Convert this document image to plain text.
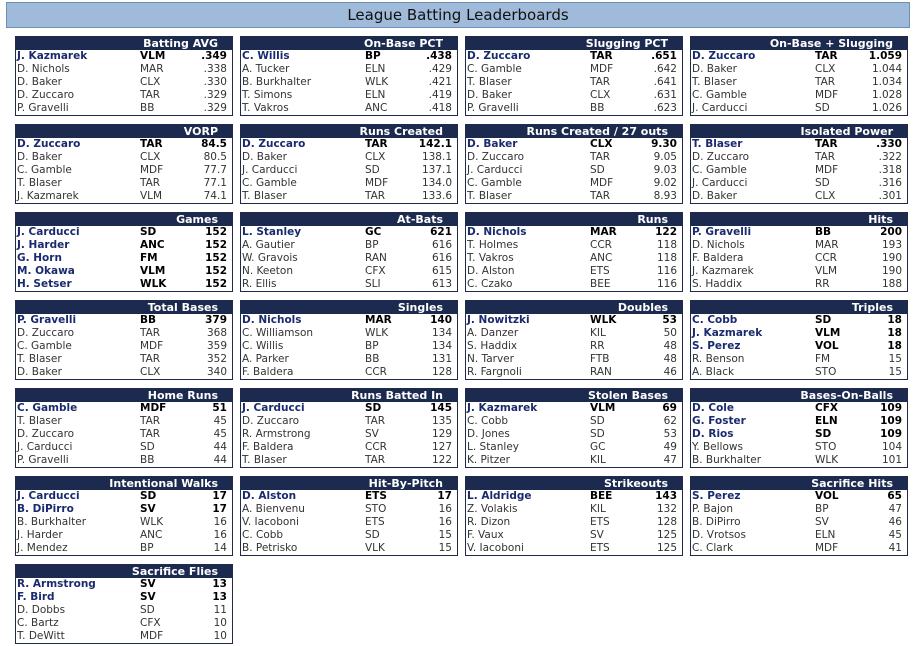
League Batting Leaderboards
Batting AVG
J. Kazmarek	VLM	.349
D. Nichols	MAR	.338
D. Baker	CLX	.330
D. Zuccaro	TAR	.329
P. Gravelli	BB	.329
On-Base PCT
C. Willis	BP	.438
A. Tucker	ELN	.429
B. Burkhalter	WLK	.421
T. Simons	ELN	.419
T. Vakros	ANC	.418
Slugging PCT
D. Zuccaro	TAR	.651
C. Gamble	MDF	.642
T. Blaser	TAR	.641
D. Baker	CLX	.631
P. Gravelli	BB	.623
On-Base + Slugging
D. Zuccaro	TAR	1.059
D. Baker	CLX	1.044
T. Blaser	TAR	1.034
C. Gamble	MDF	1.028
J. Carducci	SD	1.026
VORP
D. Zuccaro	TAR	84.5
D. Baker	CLX	80.5
C. Gamble	MDF	77.7
T. Blaser	TAR	77.1
J. Kazmarek	VLM	74.1
Runs Created
D. Zuccaro	TAR	142.1
D. Baker	CLX	138.1
J. Carducci	SD	137.1
C. Gamble	MDF	134.0
T. Blaser	TAR	133.6
Runs Created / 27 outs
D. Baker	CLX	9.30
D. Zuccaro	TAR	9.05
J. Carducci	SD	9.03
C. Gamble	MDF	9.02
T. Blaser	TAR	8.93
Isolated Power
T. Blaser	TAR	.330
D. Zuccaro	TAR	.322
C. Gamble	MDF	.318
J. Carducci	SD	.316
D. Baker	CLX	.301
Games
J. Carducci	SD	152
J. Harder	ANC	152
G. Horn	FM	152
M. Okawa	VLM	152
H. Setser	WLK	152
At-Bats
L. Stanley	GC	621
A. Gautier	BP	616
W. Gravois	RAN	616
N. Keeton	CFX	615
R. Ellis	SLI	613
Runs
D. Nichols	MAR	122
T. Holmes	CCR	118
T. Vakros	ANC	118
D. Alston	ETS	116
C. Czako	BEE	116
Hits
P. Gravelli	BB	200
D. Nichols	MAR	193
F. Baldera	CCR	190
J. Kazmarek	VLM	190
S. Haddix	RR	188
Total Bases
P. Gravelli	BB	379
D. Zuccaro	TAR	368
C. Gamble	MDF	359
T. Blaser	TAR	352
D. Baker	CLX	340
Singles
D. Nichols	MAR	140
C. Williamson	WLK	134
C. Willis	BP	134
A. Parker	BB	131
F. Baldera	CCR	128
Doubles
J. Nowitzki	WLK	53
A. Danzer	KIL	50
S. Haddix	RR	48
N. Tarver	FTB	48
R. Fargnoli	RAN	46
Triples
C. Cobb	SD	18
J. Kazmarek	VLM	18
S. Perez	VOL	18
R. Benson	FM	15
A. Black	STO	15
Home Runs
C. Gamble	MDF	51
T. Blaser	TAR	45
D. Zuccaro	TAR	45
J. Carducci	SD	44
P. Gravelli	BB	44
Runs Batted In
J. Carducci	SD	145
D. Zuccaro	TAR	135
R. Armstrong	SV	129
F. Baldera	CCR	127
T. Blaser	TAR	122
Stolen Bases
J. Kazmarek	VLM	69
C. Cobb	SD	62
D. Jones	SD	53
L. Stanley	GC	49
K. Pitzer	KIL	47
Bases-On-Balls
D. Cole	CFX	109
G. Foster	ELN	109
D. Rios	SD	109
Y. Bellows	STO	104
B. Burkhalter	WLK	101
Intentional Walks
J. Carducci	SD	17
B. DiPirro	SV	17
B. Burkhalter	WLK	16
J. Harder	ANC	16
J. Mendez	BP	14
Hit-By-Pitch
D. Alston	ETS	17
A. Bienvenu	STO	16
V. Iacoboni	ETS	16
C. Cobb	SD	15
B. Petrisko	VLK	15
Strikeouts
L. Aldridge	BEE	143
Z. Volakis	KIL	132
R. Dizon	ETS	128
F. Vaux	SV	125
V. Iacoboni	ETS	125
Sacrifice Hits
S. Perez	VOL	65
P. Bajon	BP	47
B. DiPirro	SV	46
D. Vrotsos	ELN	45
C. Clark	MDF	41
Sacrifice Flies
R. Armstrong	SV	13
F. Bird	SV	13
D. Dobbs	SD	11
C. Bartz	CFX	10
T. DeWitt	MDF	10
